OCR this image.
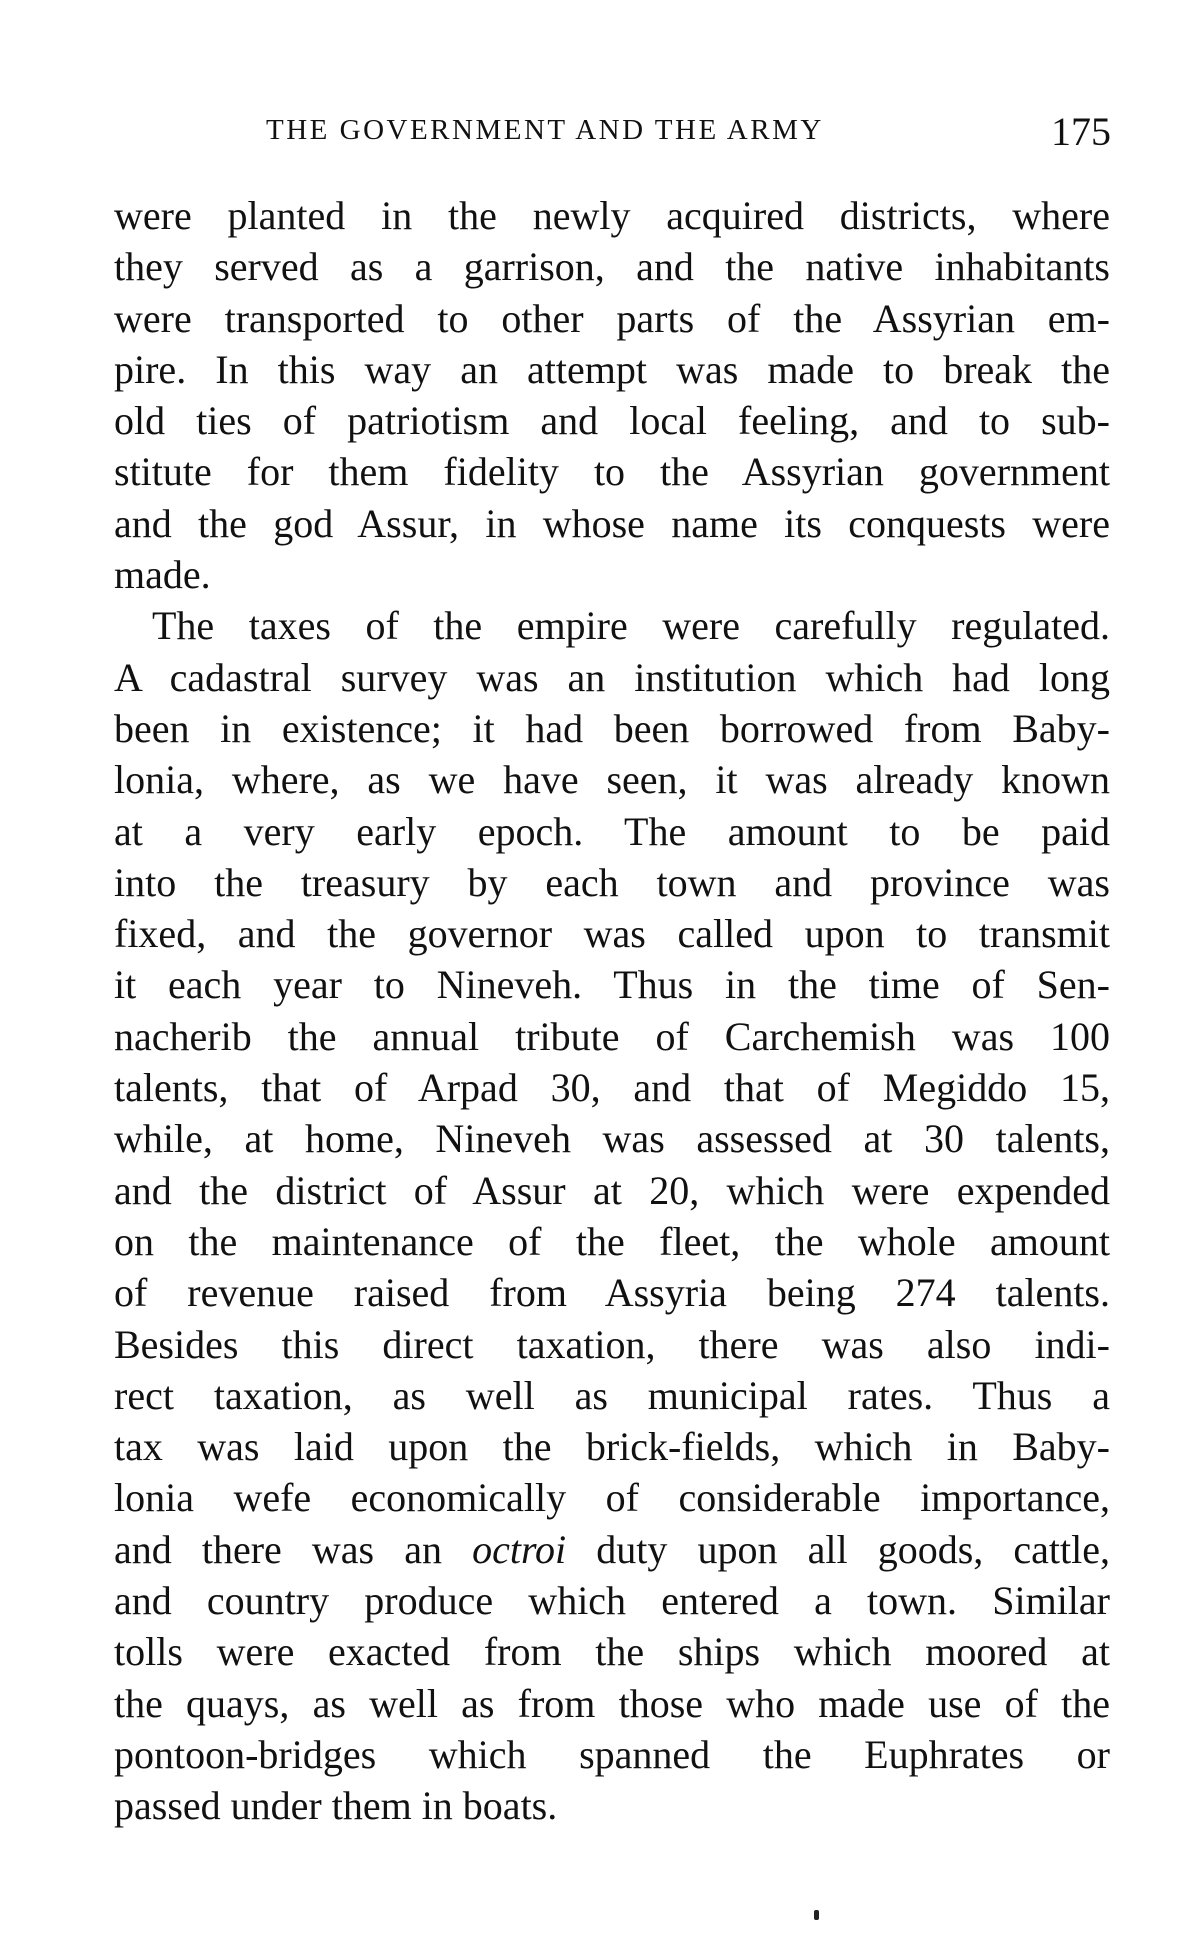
THE GOVERNMENT AND THE ARMY	175
were planted in the newly acquired districts, where
they served as a garrison, and the native inhabitants
were transported to other parts of the Assyrian em-
pire. In this way an attempt was made to break the
old ties of patriotism and local feeling, and to sub-
stitute for them fidelity to the Assyrian government
and the god Assur, in whose name its conquests were
made.
The taxes of the empire were carefully regulated.
A cadastral survey was an institution which had long
been in existence; it had been borrowed from Baby-
lonia, where, as we have seen, it was already known
at a very early epoch. The amount to be paid
into the treasury by each town and province was
fixed, and the governor was called upon to transmit
it each year to Nineveh. Thus in the time of Sen-
nacherib the annual tribute of Carchemish was 100
talents, that of Arpad 30, and that of Megiddo 15,
while, at home, Nineveh was assessed at 30 talents,
and the district of Assur at 20, which were expended
on the maintenance of the fleet, the whole amount
of revenue raised from Assyria being 274 talents.
Besides this direct taxation, there was also indi-
rect taxation, as well as municipal rates. Thus a
tax was laid upon the brick-fields, which in Baby-
lonia wefe economically of considerable importance,
and there was an octroi duty upon all goods, cattle,
and country produce which entered a town. Similar
tolls were exacted from the ships which moored at
the quays, as well as from those who made use of the
pontoon-bridges which spanned the Euphrates or
passed under them in boats.
